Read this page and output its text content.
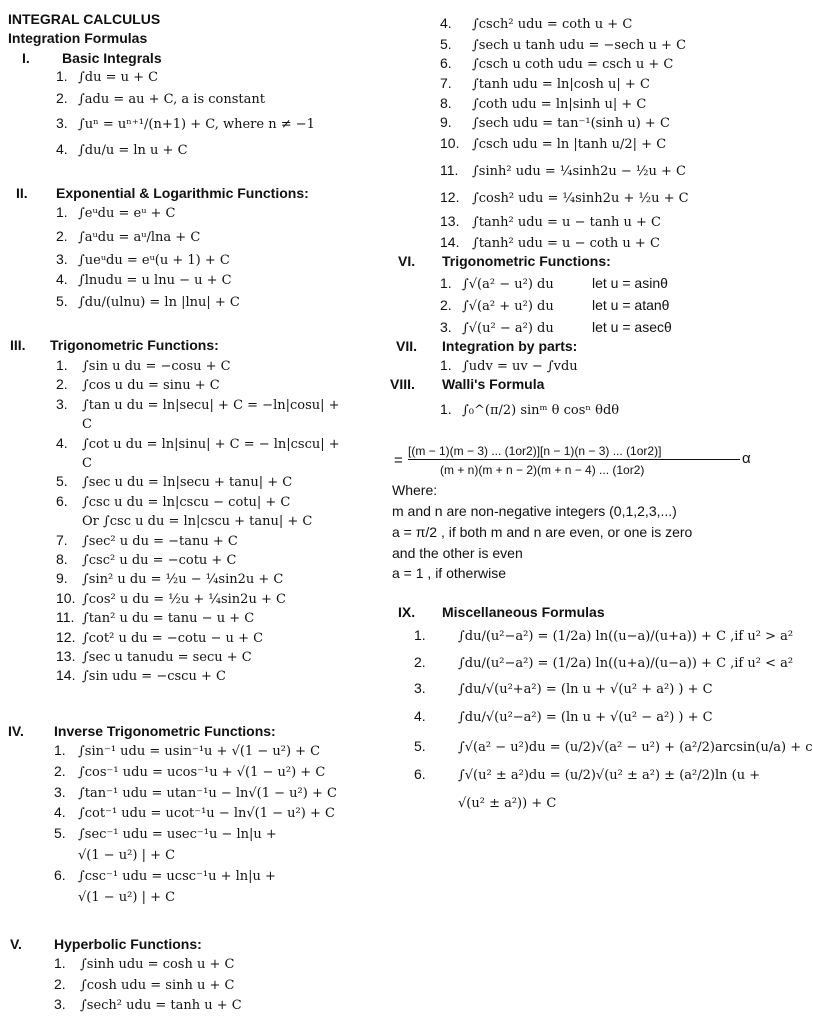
INTEGRAL CALCULUS
Integration Formulas
I. Basic Integrals
1. ∫du = u + C
2. ∫adu = au + C, a is constant
3. ∫uⁿ = uⁿ⁺¹/(n+1) + C, where n ≠ −1
4. ∫du/u = ln u + C
II. Exponential & Logarithmic Functions:
1. ∫eᵘdu = eᵘ + C
2. ∫aᵘdu = aᵘ/lna + C
3. ∫ueᵘdu = eᵘ(u + 1) + C
4. ∫lnudu = u lnu − u + C
5. ∫du/(ulnu) = ln |lnu| + C
III. Trigonometric Functions:
1. ∫sin u du = −cosu + C
2. ∫cos u du = sinu + C
3. ∫tan u du = ln|secu| + C = −ln|cosu| +
C
4. ∫cot u du = ln|sinu| + C = − ln|cscu| +
C
5. ∫sec u du = ln|secu + tanu| + C
6. ∫csc u du = ln|cscu − cotu| + C
Or ∫csc u du = ln|cscu + tanu| + C
7. ∫sec² u du = −tanu + C
8. ∫csc² u du = −cotu + C
9. ∫sin² u du = ½u − ¼sin2u + C
10. ∫cos² u du = ½u + ¼sin2u + C
11. ∫tan² u du = tanu − u + C
12. ∫cot² u du = −cotu − u + C
13. ∫sec u tanudu = secu + C
14. ∫sin udu = −cscu + C
IV. Inverse Trigonometric Functions:
1. ∫sin⁻¹ udu = usin⁻¹u + √(1 − u²) + C
2. ∫cos⁻¹ udu = ucos⁻¹u + √(1 − u²) + C
3. ∫tan⁻¹ udu = utan⁻¹u − ln√(1 − u²) + C
4. ∫cot⁻¹ udu = ucot⁻¹u − ln√(1 − u²) + C
5. ∫sec⁻¹ udu = usec⁻¹u − ln|u +
√(1 − u²) | + C
6. ∫csc⁻¹ udu = ucsc⁻¹u + ln|u +
√(1 − u²) | + C
V. Hyperbolic Functions:
1. ∫sinh udu = cosh u + C
2. ∫cosh udu = sinh u + C
3. ∫sech² udu = tanh u + C
4. ∫csch² udu = coth u + C
5. ∫sech u tanh udu = −sech u + C
6. ∫csch u coth udu = csch u + C
7. ∫tanh udu = ln|cosh u| + C
8. ∫coth udu = ln|sinh u| + C
9. ∫sech udu = tan⁻¹(sinh u) + C
10. ∫csch udu = ln |tanh u/2| + C
11. ∫sinh² udu = ¼sinh2u − ½u + C
12. ∫cosh² udu = ¼sinh2u + ½u + C
13. ∫tanh² udu = u − tanh u + C
14. ∫tanh² udu = u − coth u + C
VI. Trigonometric Functions:
1. ∫√(a² − u²) du	let u = asinθ
2. ∫√(a² + u²) du	let u = atanθ
3. ∫√(u² − a²) du	let u = asecθ
VII. Integration by parts:
1. ∫udv = uv − ∫vdu
VIII. Walli's Formula
1. ∫₀^(π/2) sinᵐ θ cosⁿ θdθ
=
[(m − 1)(m − 3) ... (1or2)][n − 1)(n − 3) ... (1or2)]
(m + n)(m + n − 2)(m + n − 4) ... (1or2)
α
Where:
m and n are non-negative integers (0,1,2,3,...)
a = π/2 , if both m and n are even, or one is zero
and the other is even
a = 1 , if otherwise
IX. Miscellaneous Formulas
1. ∫du/(u²−a²) = (1/2a) ln((u−a)/(u+a)) + C ,if u² > a²
2. ∫du/(u²−a²) = (1/2a) ln((u+a)/(u−a)) + C ,if u² < a²
3. ∫du/√(u²+a²) = (ln u + √(u² + a²) ) + C
4. ∫du/√(u²−a²) = (ln u + √(u² − a²) ) + C
5. ∫√(a² − u²)du = (u/2)√(a² − u²) + (a²/2)arcsin(u/a) + c
6. ∫√(u² ± a²)du = (u/2)√(u² ± a²) ± (a²/2)ln (u +
√(u² ± a²)) + C
